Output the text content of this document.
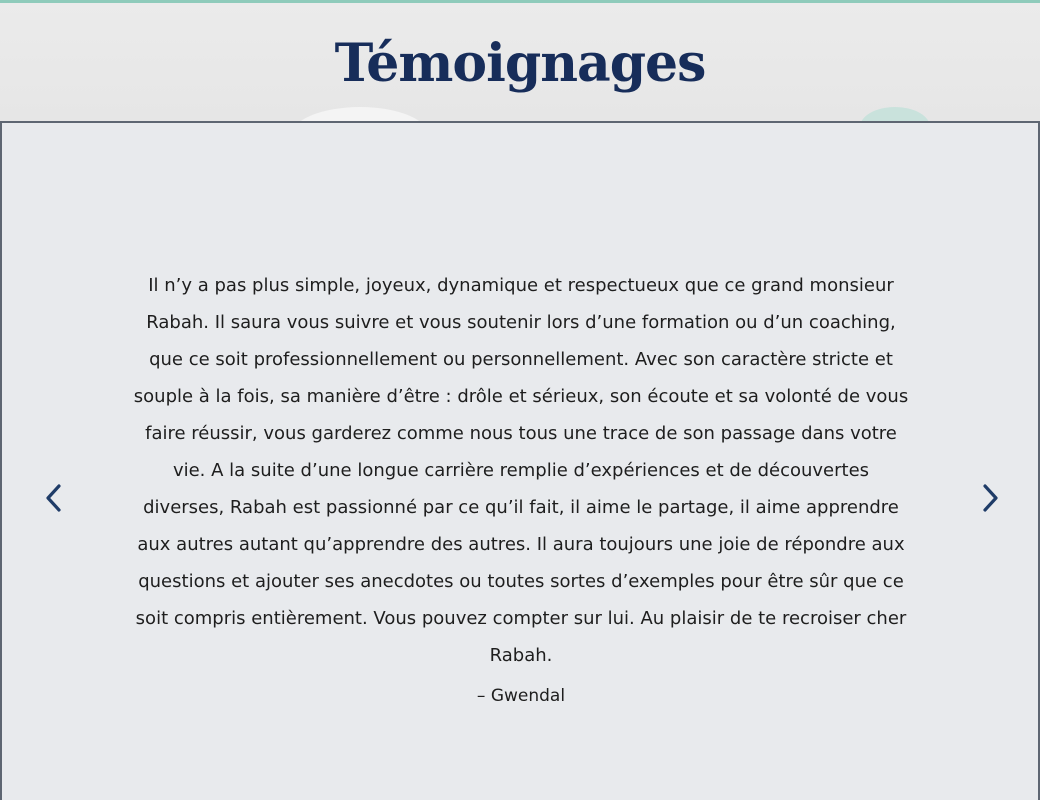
Témoignages

Il n’y a pas plus simple, joyeux, dynamique et respectueux que ce grand monsieur Rabah. Il saura vous suivre et vous soutenir lors d’une formation ou d’un coaching, que ce soit professionnellement ou personnellement. Avec son caractère stricte et souple à la fois, sa manière d’être : drôle et sérieux, son écoute et sa volonté de vous faire réussir, vous garderez comme nous tous une trace de son passage dans votre vie. A la suite d’une longue carrière remplie d’expériences et de découvertes diverses, Rabah est passionné par ce qu’il fait, il aime le partage, il aime apprendre aux autres autant qu’apprendre des autres. Il aura toujours une joie de répondre aux questions et ajouter ses anecdotes ou toutes sortes d’exemples pour être sûr que ce soit compris entièrement. Vous pouvez compter sur lui. Au plaisir de te recroiser cher Rabah.

– Gwendal
